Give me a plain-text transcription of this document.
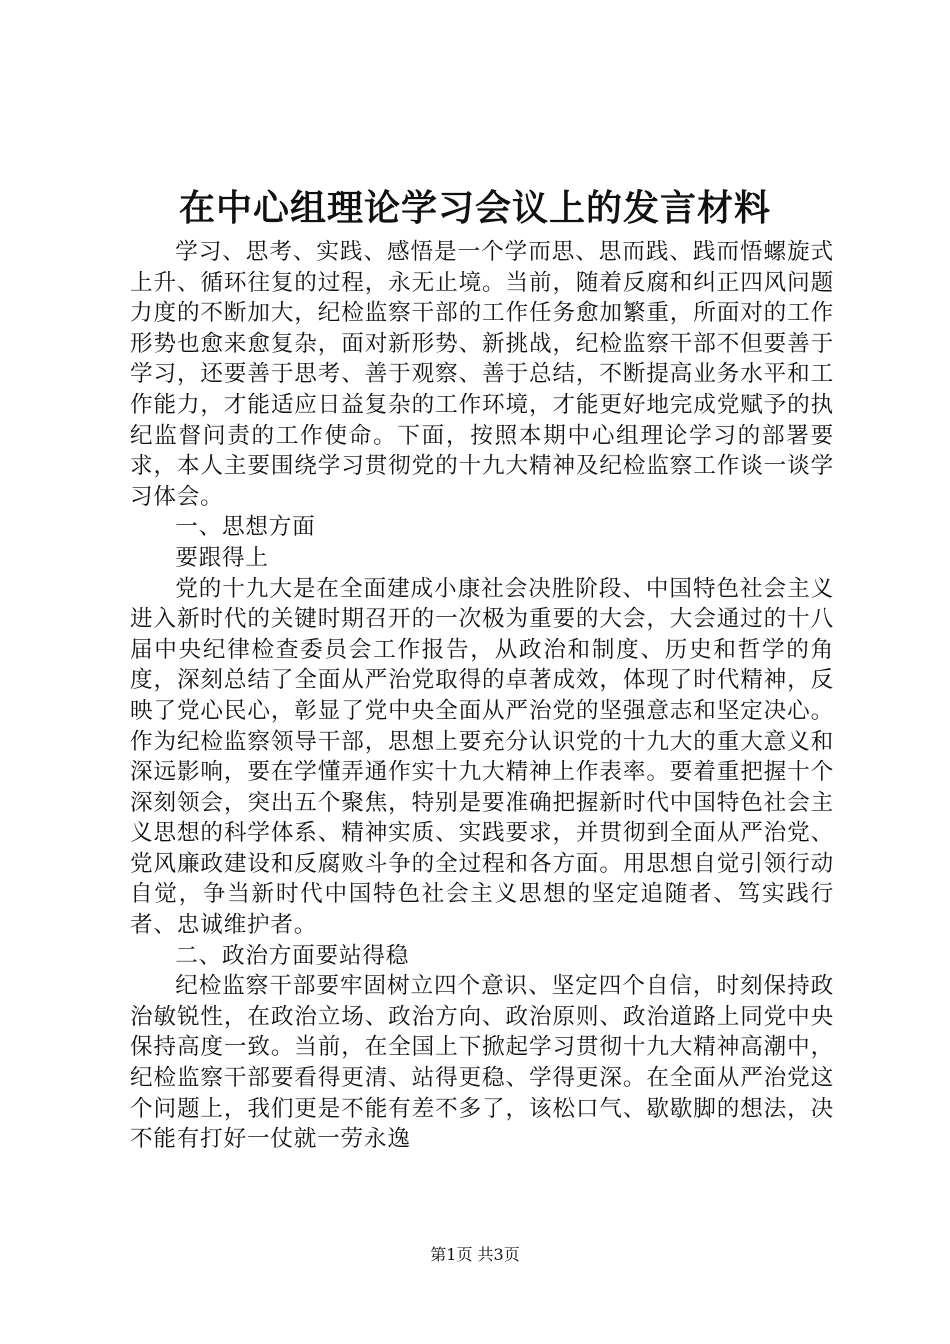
在中心组理论学习会议上的发言材料

学习、思考、实践、感悟是一个学而思、思而践、践而悟螺旋式上升、循环往复的过程，永无止境。当前，随着反腐和纠正四风问题力度的不断加大，纪检监察干部的工作任务愈加繁重，所面对的工作形势也愈来愈复杂，面对新形势、新挑战，纪检监察干部不但要善于学习，还要善于思考、善于观察、善于总结，不断提高业务水平和工作能力，才能适应日益复杂的工作环境，才能更好地完成党赋予的执纪监督问责的工作使命。下面，按照本期中心组理论学习的部署要求，本人主要围绕学习贯彻党的十九大精神及纪检监察工作谈一谈学习体会。

一、思想方面

要跟得上

党的十九大是在全面建成小康社会决胜阶段、中国特色社会主义进入新时代的关键时期召开的一次极为重要的大会，大会通过的十八届中央纪律检查委员会工作报告，从政治和制度、历史和哲学的角度，深刻总结了全面从严治党取得的卓著成效，体现了时代精神，反映了党心民心，彰显了党中央全面从严治党的坚强意志和坚定决心。作为纪检监察领导干部，思想上要充分认识党的十九大的重大意义和深远影响，要在学懂弄通作实十九大精神上作表率。要着重把握十个深刻领会，突出五个聚焦，特别是要准确把握新时代中国特色社会主义思想的科学体系、精神实质、实践要求，并贯彻到全面从严治党、党风廉政建设和反腐败斗争的全过程和各方面。用思想自觉引领行动自觉，争当新时代中国特色社会主义思想的坚定追随者、笃实践行者、忠诚维护者。

二、政治方面要站得稳

纪检监察干部要牢固树立四个意识、坚定四个自信，时刻保持政治敏锐性，在政治立场、政治方向、政治原则、政治道路上同党中央保持高度一致。当前，在全国上下掀起学习贯彻十九大精神高潮中，纪检监察干部要看得更清、站得更稳、学得更深。在全面从严治党这个问题上，我们更是不能有差不多了，该松口气、歇歇脚的想法，决不能有打好一仗就一劳永逸

第1页 共3页
